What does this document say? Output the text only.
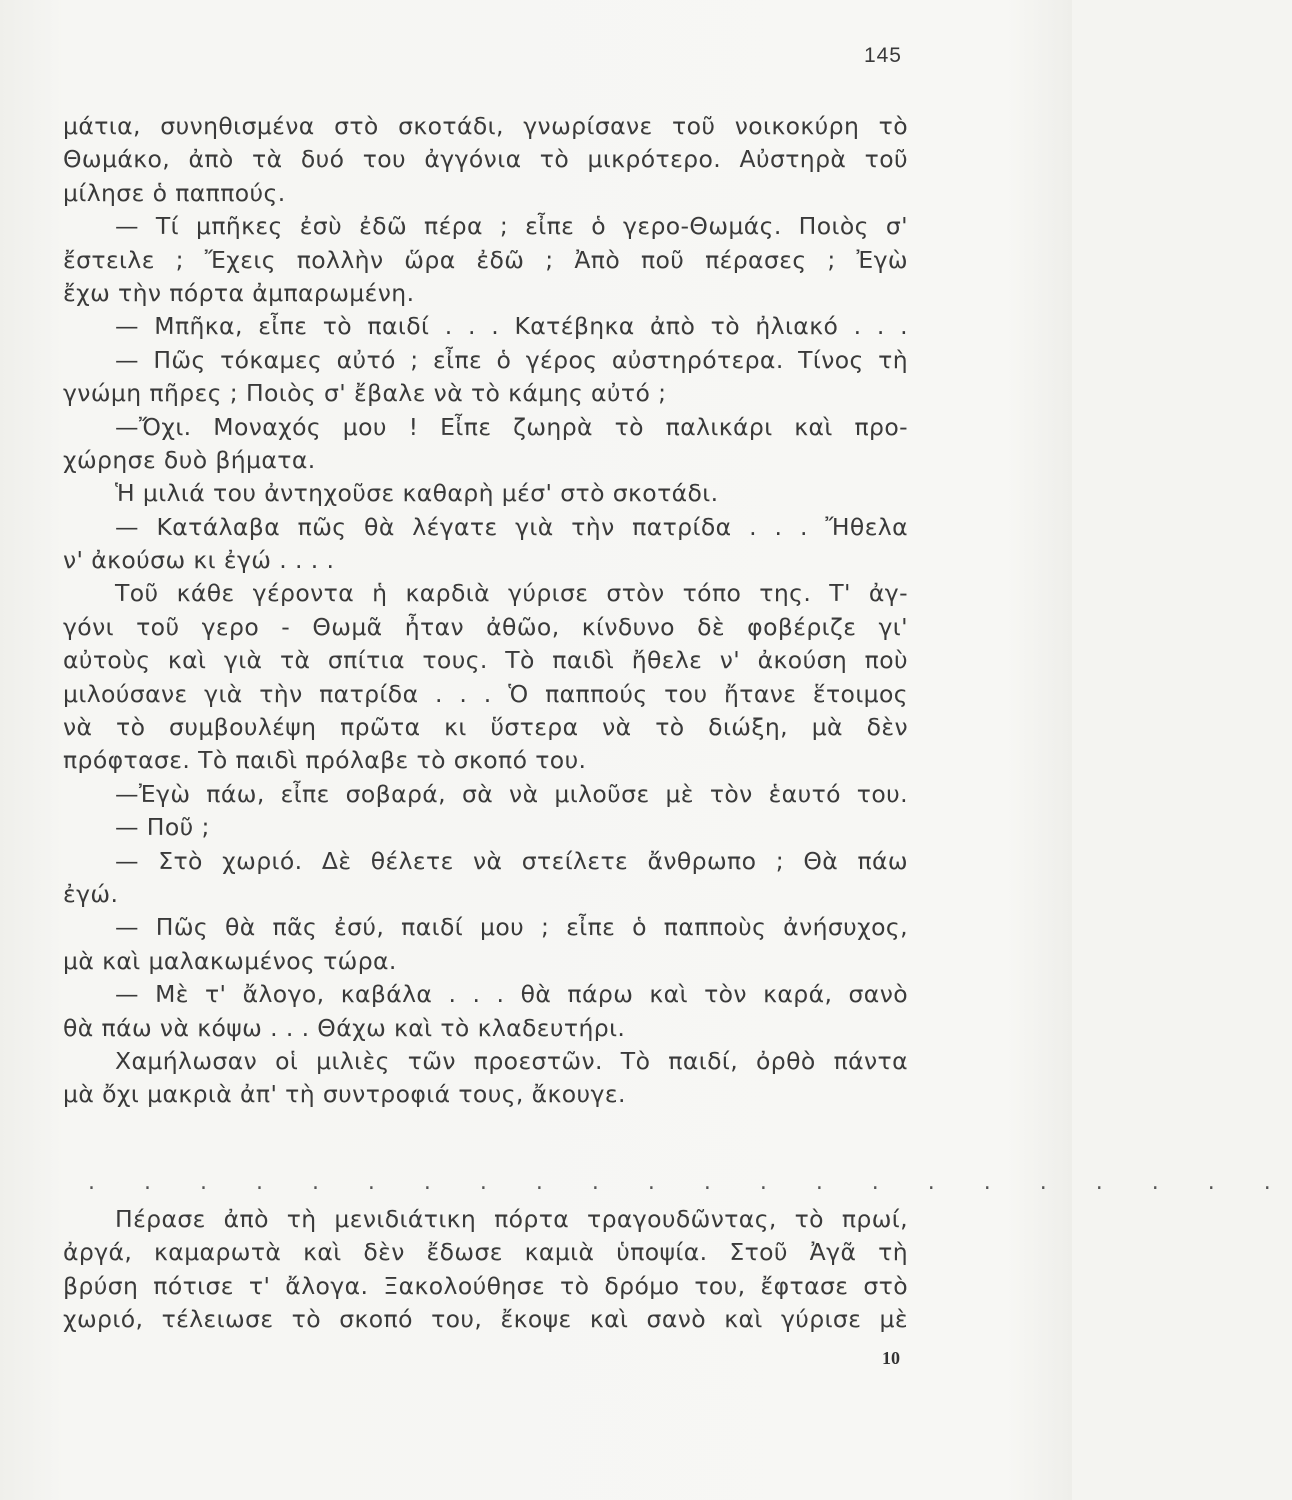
145
μάτια, συνηθισμένα στὸ σκοτάδι, γνωρίσανε τοῦ νοικοκύρη τὸ
Θωμάκο, ἀπὸ τὰ δυό του ἀγγόνια τὸ μικρότερο. Αὐστηρὰ τοῦ
μίλησε ὁ παππούς.
— Τί μπῆκες ἐσὺ ἐδῶ πέρα ; εἶπε ὁ γερο-Θωμάς. Ποιὸς σ'
ἔστειλε ; Ἔχεις πολλὴν ὥρα ἐδῶ ; Ἀπὸ ποῦ πέρασες ; Ἐγὼ
ἔχω τὴν πόρτα ἀμπαρωμένη.
— Μπῆκα, εἶπε τὸ παιδί . . . Κατέβηκα ἀπὸ τὸ ἠλιακό . . .
— Πῶς τόκαμες αὐτό ; εἶπε ὁ γέρος αὐστηρότερα. Τίνος τὴ
γνώμη πῆρες ; Ποιὸς σ' ἔβαλε νὰ τὸ κάμης αὐτό ;
—Ὄχι. Μοναχός μου ! Εἶπε ζωηρὰ τὸ παλικάρι καὶ προ-
χώρησε δυὸ βήματα.
Ἡ μιλιά του ἀντηχοῦσε καθαρὴ μέσ' στὸ σκοτάδι.
— Κατάλαβα πῶς θὰ λέγατε γιὰ τὴν πατρίδα . . . Ἤθελα
ν' ἀκούσω κι ἐγώ . . . .
Τοῦ κάθε γέροντα ἡ καρδιὰ γύρισε στὸν τόπο της. Τ' ἀγ-
γόνι τοῦ γερο - Θωμᾶ ἦταν ἀθῶο, κίνδυνο δὲ φοβέριζε γι'
αὐτοὺς καὶ γιὰ τὰ σπίτια τους. Τὸ παιδὶ ἤθελε ν' ἀκούση ποὺ
μιλούσανε γιὰ τὴν πατρίδα . . . Ὁ παππούς του ἤτανε ἕτοιμος
νὰ τὸ συμβουλέψη πρῶτα κι ὕστερα νὰ τὸ διώξη, μὰ δὲν
πρόφτασε. Τὸ παιδὶ πρόλαβε τὸ σκοπό του.
—Ἐγὼ πάω, εἶπε σοβαρά, σὰ νὰ μιλοῦσε μὲ τὸν ἑαυτό του.
— Ποῦ ;
— Στὸ χωριό. Δὲ θέλετε νὰ στείλετε ἄνθρωπο ; Θὰ πάω
ἐγώ.
— Πῶς θὰ πᾶς ἐσύ, παιδί μου ; εἶπε ὁ παπποὺς ἀνήσυχος,
μὰ καὶ μαλακωμένος τώρα.
— Μὲ τ' ἄλογο, καβάλα . . . θὰ πάρω καὶ τὸν καρά, σανὸ
θὰ πάω νὰ κόψω . . . Θάχω καὶ τὸ κλαδευτήρι.
Χαμήλωσαν οἱ μιλιὲς τῶν προεστῶν. Τὸ παιδί, ὀρθὸ πάντα
μὰ ὄχι μακριὰ ἀπ' τὴ συντροφιά τους, ἄκουγε.
. . . . . . . . . . . . . . . . . . . . . .
Πέρασε ἀπὸ τὴ μενιδιάτικη πόρτα τραγουδῶντας, τὸ πρωί,
ἀργά, καμαρωτὰ καὶ δὲν ἔδωσε καμιὰ ὑποψία. Στοῦ Ἀγᾶ τὴ
βρύση πότισε τ' ἄλογα. Ξακολούθησε τὸ δρόμο του, ἔφτασε στὸ
χωριό, τέλειωσε τὸ σκοπό του, ἔκοψε καὶ σανὸ καὶ γύρισε μὲ
10
